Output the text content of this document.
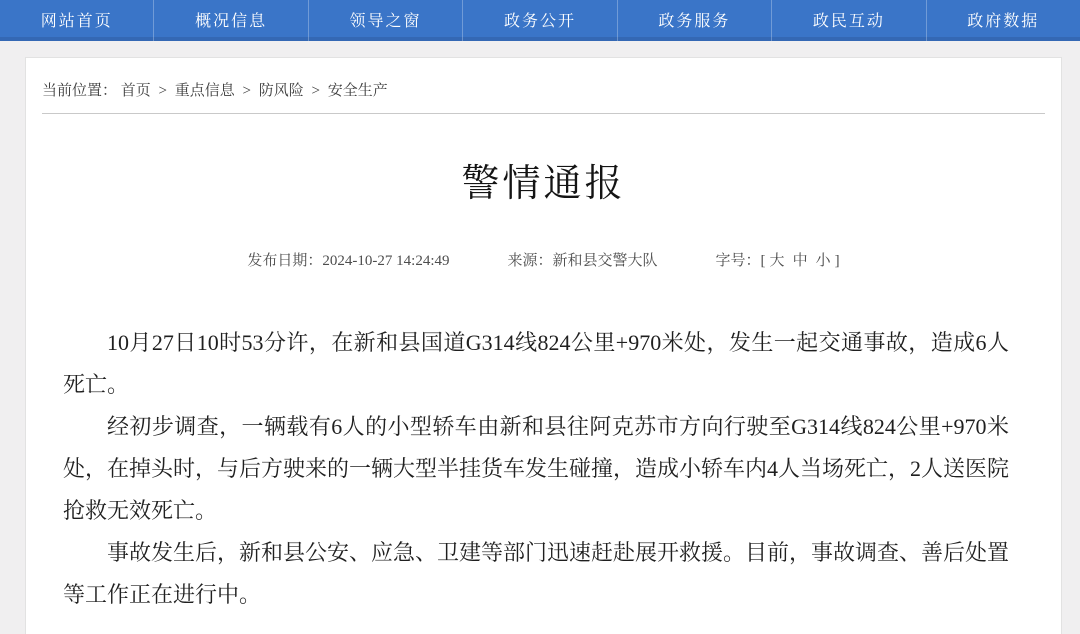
网站首页	概况信息	领导之窗	政务公开	政务服务	政民互动	政府数据
当前位置： 首页 > 重点信息 > 防风险 > 安全生产
警情通报
发布日期：2024-10-27 14:24:49	来源：新和县交警大队	字号：[ 大 中 小 ]

10月27日10时53分许，在新和县国道G314线824公里+970米处，发生一起交通事故，造成6人死亡。

经初步调查，一辆载有6人的小型轿车由新和县往阿克苏市方向行驶至G314线824公里+970米处，在掉头时，与后方驶来的一辆大型半挂货车发生碰撞，造成小轿车内4人当场死亡，2人送医院抢救无效死亡。

事故发生后，新和县公安、应急、卫建等部门迅速赶赴展开救援。目前，事故调查、善后处置等工作正在进行中。
